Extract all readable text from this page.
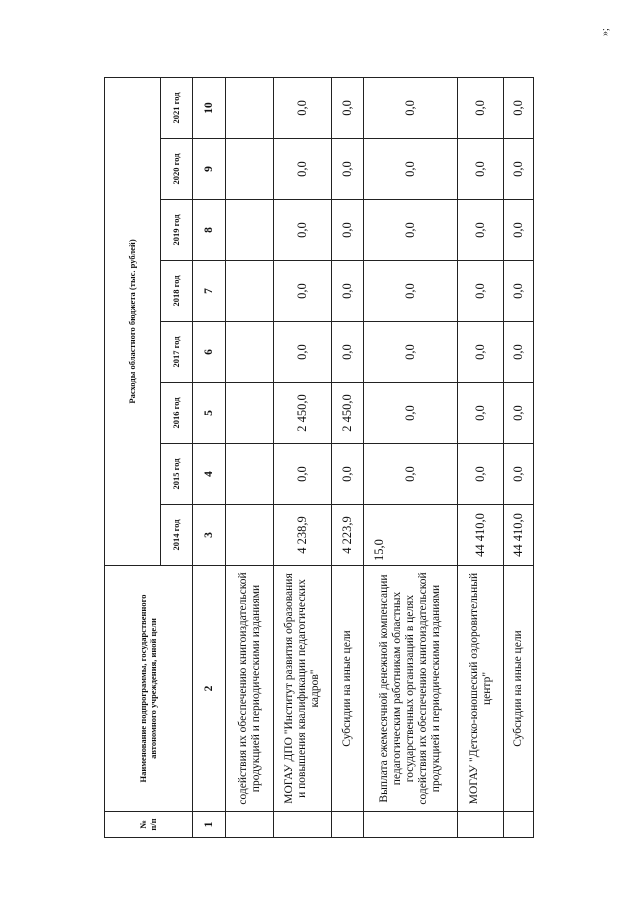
№ п/п	Наименование подпрограммы, государственного автономного учреждения, иной цели	Расходы областного бюджета (тыс. рублей)							
		2014 год	2015 год	2016 год	2017 год	2018 год	2019 год	2020 год	2021 год
1	2	3	4	5	6	7	8	9	10
	содействия их обеспечению книгоиздательской продукцией и периодическими изданиями								
	МОГАУ ДПО "Институт развития образования и повышения квалификации педагогических кадров"	4 238,9	0,0	2 450,0	0,0	0,0	0,0	0,0	0,0
	Субсидии на иные цели	4 223,9	0,0	2 450,0	0,0	0,0	0,0	0,0	0,0
	Выплата ежемесячной денежной компенсации педагогическим работникам областных государственных организаций в целях содействия их обеспечению книгоиздательской продукцией и периодическими изданиями	15,0	0,0	0,0	0,0	0,0	0,0	0,0	0,0
	МОГАУ "Детско-юношеский оздоровительный центр"	44 410,0	0,0	0,0	0,0	0,0	0,0	0,0	0,0
	Субсидии на иные цели	44 410,0	0,0	0,0	0,0	0,0	0,0	0,0	0,0
»;
